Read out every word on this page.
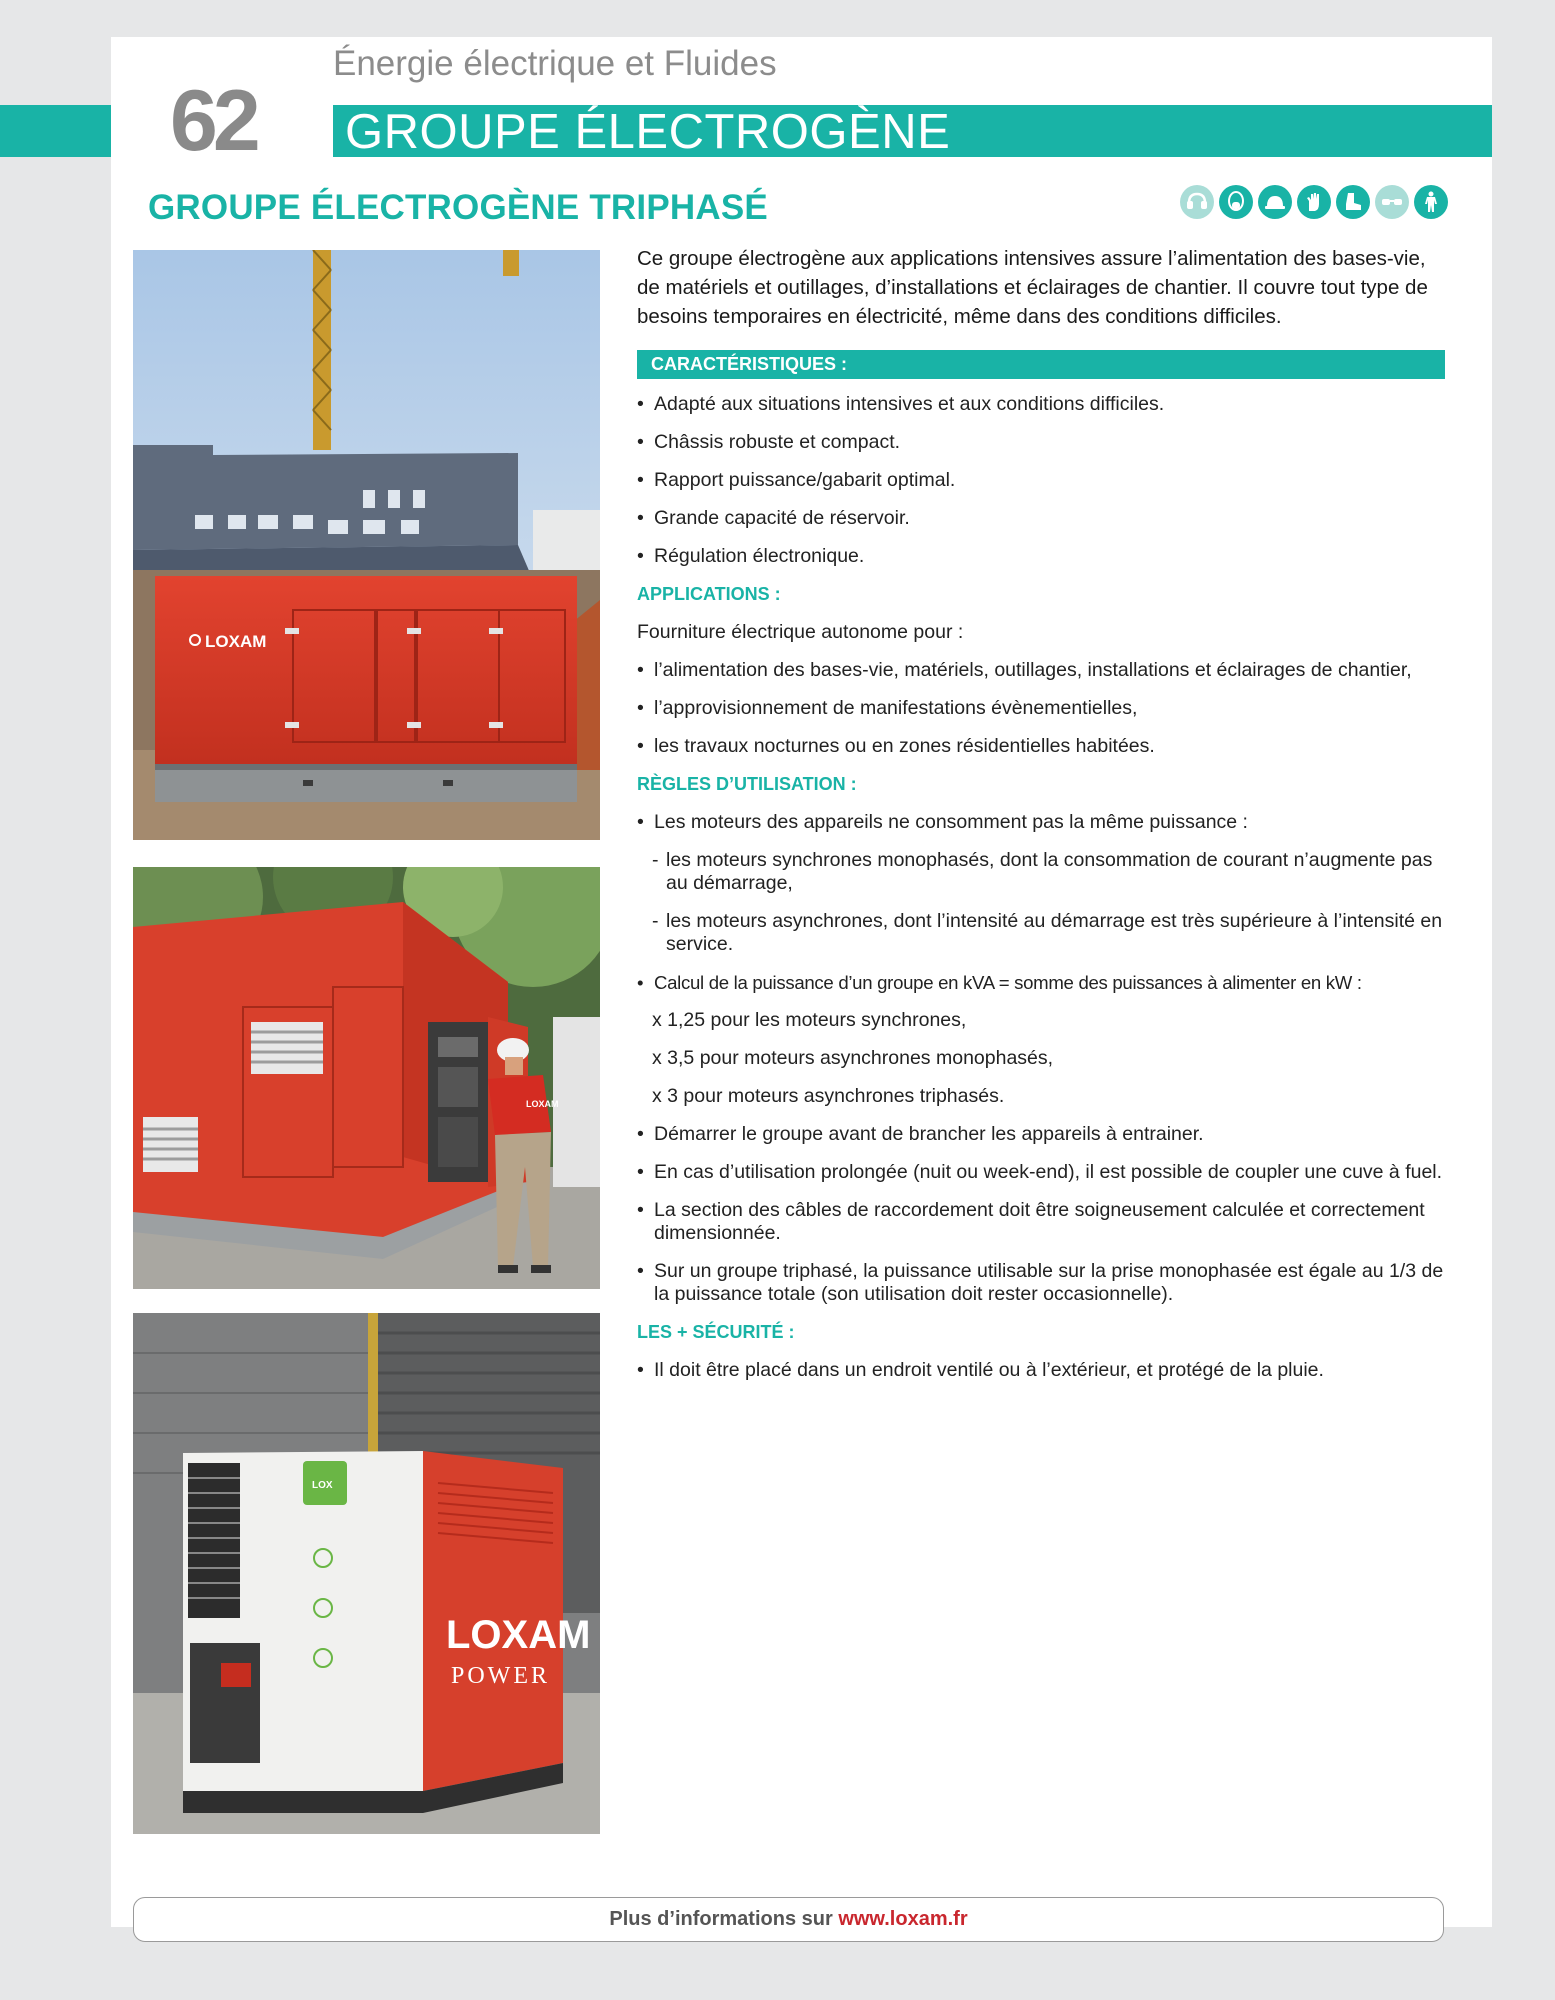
62
Énergie électrique et Fluides
GROUPE ÉLECTROGÈNE
GROUPE ÉLECTROGÈNE TRIPHASÉ
LOXAM
LOXAM
LOX
LOXAM
POWER

Ce groupe électrogène aux applications intensives assure l’alimentation des bases-vie, de matériels et outillages, d’installations et éclairages de chantier. Il couvre tout type de besoins temporaires en électricité, même dans des conditions difficiles.

CARACTÉRISTIQUES :
• Adapté aux situations intensives et aux conditions difficiles.
• Châssis robuste et compact.
• Rapport puissance/gabarit optimal.
• Grande capacité de réservoir.
• Régulation électronique.
APPLICATIONS :
Fourniture électrique autonome pour :
• l’alimentation des bases-vie, matériels, outillages, installations et éclairages de chantier,
• l’approvisionnement de manifestations évènementielles,
• les travaux nocturnes ou en zones résidentielles habitées.
RÈGLES D’UTILISATION :
• Les moteurs des appareils ne consomment pas la même puissance :
- les moteurs synchrones monophasés, dont la consommation de courant n’augmente pas au démarrage,
- les moteurs asynchrones, dont l’intensité au démarrage est très supérieure à l’intensité en service.
• Calcul de la puissance d’un groupe en kVA = somme des puissances à alimenter en kW :
x 1,25 pour les moteurs synchrones,
x 3,5 pour moteurs asynchrones monophasés,
x 3 pour moteurs asynchrones triphasés.
• Démarrer le groupe avant de brancher les appareils à entrainer.
• En cas d’utilisation prolongée (nuit ou week-end), il est possible de coupler une cuve à fuel.
• La section des câbles de raccordement doit être soigneusement calculée et correctement dimensionnée.
• Sur un groupe triphasé, la puissance utilisable sur la prise monophasée est égale au 1/3 de la puissance totale (son utilisation doit rester occasionnelle).
LES + SÉCURITÉ :
• Il doit être placé dans un endroit ventilé ou à l’extérieur, et protégé de la pluie.
Plus d’informations sur www.loxam.fr
